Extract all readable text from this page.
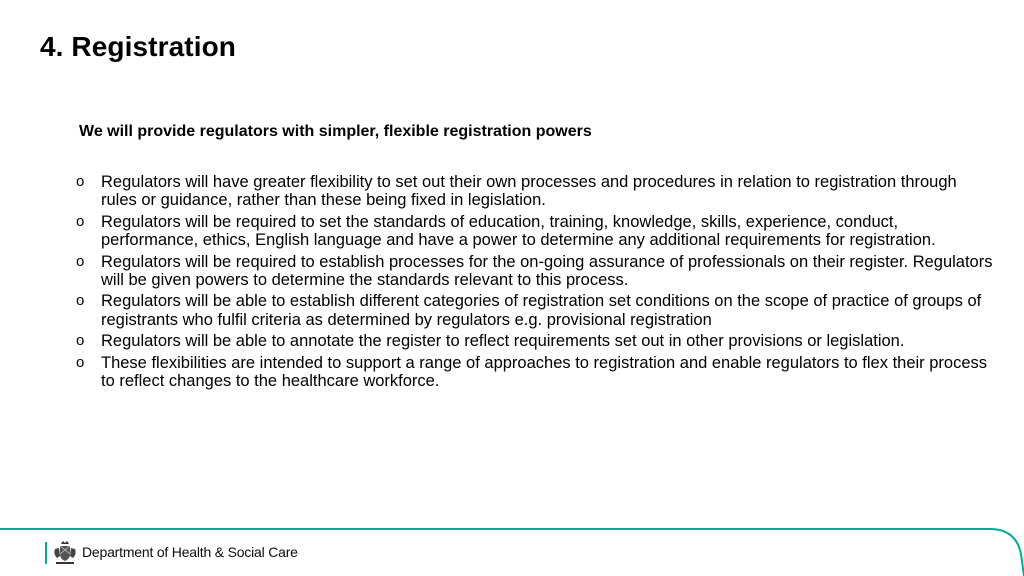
4. Registration

We will provide regulators with simpler, flexible registration powers

o Regulators will have greater flexibility to set out their own processes and procedures in relation to registration through rules or guidance, rather than these being fixed in legislation.
o Regulators will be required to set the standards of education, training, knowledge, skills, experience, conduct, performance, ethics, English language and have a power to determine any additional requirements for registration.
o Regulators will be required to establish processes for the on-going assurance of professionals on their register. Regulators will be given powers to determine the standards relevant to this process.
o Regulators will be able to establish different categories of registration set conditions on the scope of practice of groups of registrants who fulfil criteria as determined by regulators e.g. provisional registration
o Regulators will be able to annotate the register to reflect requirements set out in other provisions or legislation.
o These flexibilities are intended to support a range of approaches to registration and enable regulators to flex their process to reflect changes to the healthcare workforce.
Department of Health & Social Care
